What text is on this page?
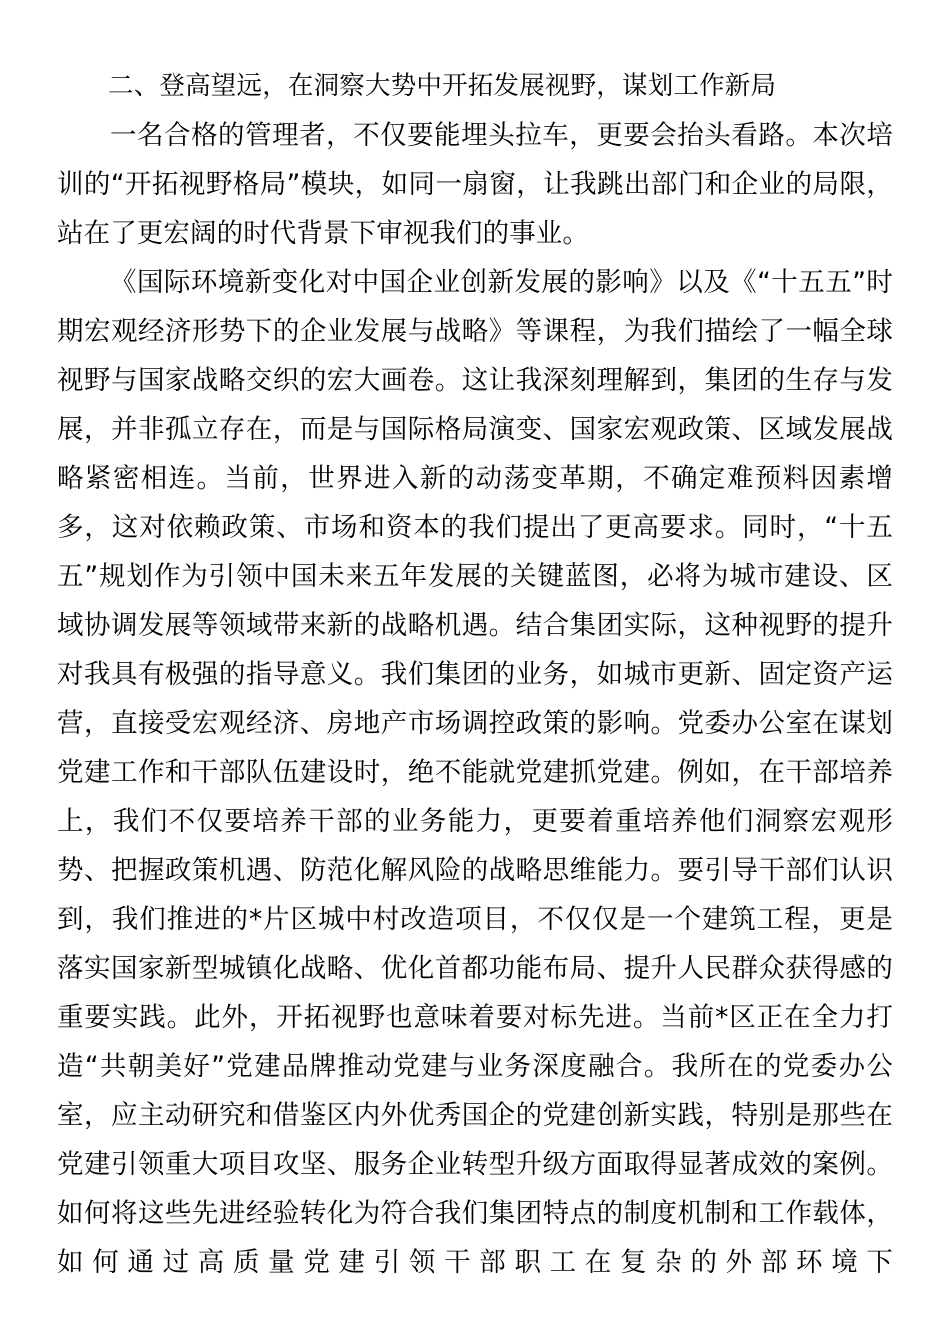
二、登高望远，在洞察大势中开拓发展视野，谋划工作新局

一名合格的管理者，不仅要能埋头拉车，更要会抬头看路。本次培训的“开拓视野格局”模块，如同一扇窗，让我跳出部门和企业的局限，站在了更宏阔的时代背景下审视我们的事业。

《国际环境新变化对中国企业创新发展的影响》以及《“十五五”时期宏观经济形势下的企业发展与战略》等课程，为我们描绘了一幅全球视野与国家战略交织的宏大画卷。这让我深刻理解到，集团的生存与发展，并非孤立存在，而是与国际格局演变、国家宏观政策、区域发展战略紧密相连。当前，世界进入新的动荡变革期，不确定难预料因素增多，这对依赖政策、市场和资本的我们提出了更高要求。同时，“十五五”规划作为引领中国未来五年发展的关键蓝图，必将为城市建设、区域协调发展等领域带来新的战略机遇。结合集团实际，这种视野的提升对我具有极强的指导意义。我们集团的业务，如城市更新、固定资产运营，直接受宏观经济、房地产市场调控政策的影响。党委办公室在谋划党建工作和干部队伍建设时，绝不能就党建抓党建。例如，在干部培养上，我们不仅要培养干部的业务能力，更要着重培养他们洞察宏观形势、把握政策机遇、防范化解风险的战略思维能力。要引导干部们认识到，我们推进的*片区城中村改造项目，不仅仅是一个建筑工程，更是落实国家新型城镇化战略、优化首都功能布局、提升人民群众获得感的重要实践。此外，开拓视野也意味着要对标先进。当前*区正在全力打造“共朝美好”党建品牌推动党建与业务深度融合。我所在的党委办公室，应主动研究和借鉴区内外优秀国企的党建创新实践，特别是那些在党建引领重大项目攻坚、服务企业转型升级方面取得显著成效的案例。如何将这些先进经验转化为符合我们集团特点的制度机制和工作载体，如何通过高质量党建引领干部职工在复杂的外部环境下
